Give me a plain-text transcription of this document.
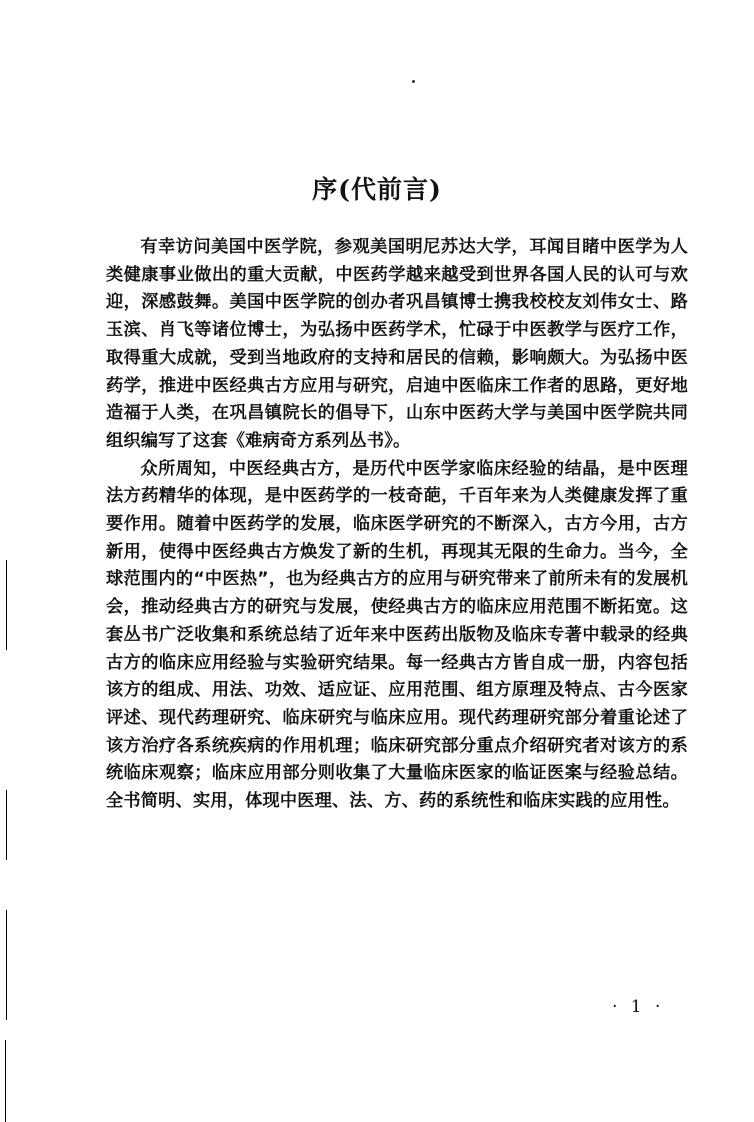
序(代前言)

有幸访问美国中医学院，参观美国明尼苏达大学，耳闻目睹中医学为人类健康事业做出的重大贡献，中医药学越来越受到世界各国人民的认可与欢迎，深感鼓舞。美国中医学院的创办者巩昌镇博士携我校校友刘伟女士、路玉滨、肖飞等诸位博士，为弘扬中医药学术，忙碌于中医教学与医疗工作，取得重大成就，受到当地政府的支持和居民的信赖，影响颇大。为弘扬中医药学，推进中医经典古方应用与研究，启迪中医临床工作者的思路，更好地造福于人类，在巩昌镇院长的倡导下，山东中医药大学与美国中医学院共同组织编写了这套《难病奇方系列丛书》。

众所周知，中医经典古方，是历代中医学家临床经验的结晶，是中医理法方药精华的体现，是中医药学的一枝奇葩，千百年来为人类健康发挥了重要作用。随着中医药学的发展，临床医学研究的不断深入，古方今用，古方新用，使得中医经典古方焕发了新的生机，再现其无限的生命力。当今，全球范围内的“中医热”，也为经典古方的应用与研究带来了前所未有的发展机会，推动经典古方的研究与发展，使经典古方的临床应用范围不断拓宽。这套丛书广泛收集和系统总结了近年来中医药出版物及临床专著中载录的经典古方的临床应用经验与实验研究结果。每一经典古方皆自成一册，内容包括该方的组成、用法、功效、适应证、应用范围、组方原理及特点、古今医家评述、现代药理研究、临床研究与临床应用。现代药理研究部分着重论述了该方治疗各系统疾病的作用机理；临床研究部分重点介绍研究者对该方的系统临床观察；临床应用部分则收集了大量临床医家的临证医案与经验总结。全书简明、实用，体现中医理、法、方、药的系统性和临床实践的应用性。

· 1 ·
